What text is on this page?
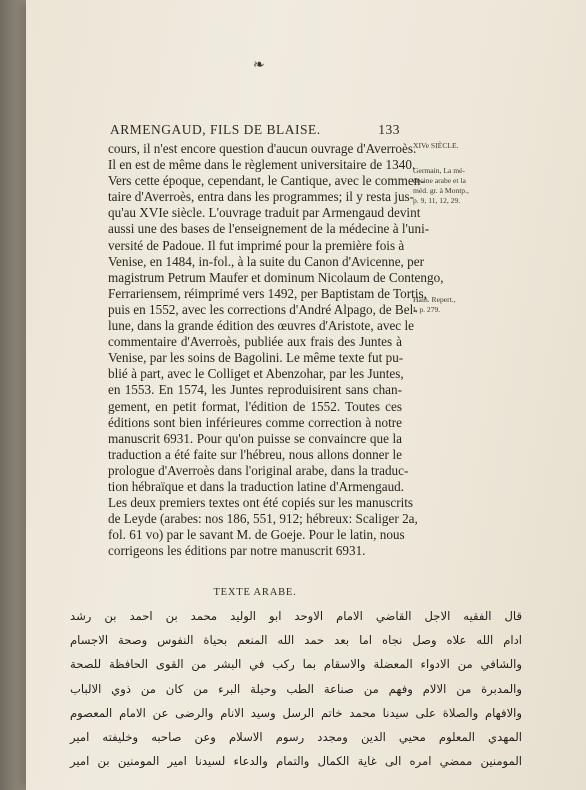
❧
ARMENGAUD, FILS DE BLAISE.	133
XIVe SIÈCLE.
Germain, La mé-
decine arabe et la
méd. gr. à Montp.,
p. 9, 11, 12, 29.
Hain. Repert.,
I, p. 279.
cours, il n'est encore question d'aucun ouvrage d'Averroès.
Il en est de même dans le règlement universitaire de 1340.
Vers cette époque, cependant, le Cantique, avec le commen-
taire d'Averroès, entra dans les programmes; il y resta jus-
qu'au XVIe siècle. L'ouvrage traduit par Armengaud devint
aussi une des bases de l'enseignement de la médecine à l'uni-
versité de Padoue. Il fut imprimé pour la première fois à
Venise, en 1484, in-fol., à la suite du Canon d'Avicenne, per
magistrum Petrum Maufer et dominum Nicolaum de Contengo,
Ferrariensem, réimprimé vers 1492, per Baptistam de Tortis,
puis en 1552, avec les corrections d'André Alpago, de Bel-
lune, dans la grande édition des œuvres d'Aristote, avec le
commentaire d'Averroès, publiée aux frais des Juntes à
Venise, par les soins de Bagolini. Le même texte fut pu-
blié à part, avec le Colliget et Abenzohar, par les Juntes,
en 1553. En 1574, les Juntes reproduisirent sans chan-
gement, en petit format, l'édition de 1552. Toutes ces
éditions sont bien inférieures comme correction à notre
manuscrit 6931. Pour qu'on puisse se convaincre que la
traduction a été faite sur l'hébreu, nous allons donner le
prologue d'Averroès dans l'original arabe, dans la traduc-
tion hébraïque et dans la traduction latine d'Armengaud.
Les deux premiers textes ont été copiés sur les manuscrits
de Leyde (arabes: nos 186, 551, 912; hébreux: Scaliger 2a,
fol. 61 vo) par le savant M. de Goeje. Pour le latin, nous
corrigeons les éditions par notre manuscrit 6931.
TEXTE ARABE.
قال الفقيه الاجل القاضي الامام الاوحد ابو الوليد محمد بن احمد بن رشد
ادام الله علاه وصل نجاه اما بعد حمد الله المنعم بحياة النفوس وصحة الاجسام
والشافي من الادواء المعضلة والاسقام بما ركب في البشر من القوى الحافظة للصحة
والمدبرة من الالام وفهم من صناعة الطب وحيلة البرء من كان من ذوي الالباب
والافهام والصلاة على سيدنا محمد خاتم الرسل وسيد الانام والرضى عن الامام المعصوم
المهدي المعلوم محيي الدين ومجدد رسوم الاسلام وعن صاحبه وخليفته امير
المومنين ممضي امره الى غاية الكمال والتمام والدعاء لسيدنا امير المومنين بن امير
